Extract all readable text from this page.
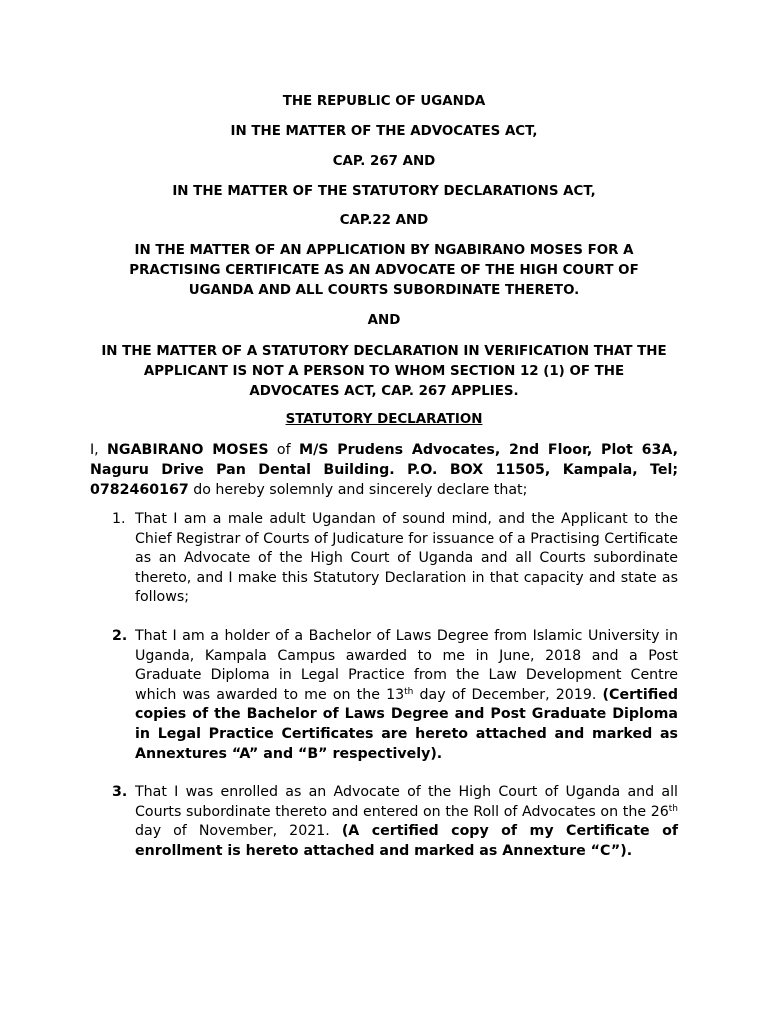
THE REPUBLIC OF UGANDA

IN THE MATTER OF THE ADVOCATES ACT,

CAP. 267 AND

IN THE MATTER OF THE STATUTORY DECLARATIONS ACT,

CAP.22 AND

IN THE MATTER OF AN APPLICATION BY NGABIRANO MOSES FOR A

PRACTISING CERTIFICATE AS AN ADVOCATE OF THE HIGH COURT OF

UGANDA AND ALL COURTS SUBORDINATE THERETO.

AND

IN THE MATTER OF A STATUTORY DECLARATION IN VERIFICATION THAT THE

APPLICANT IS NOT A PERSON TO WHOM SECTION 12 (1) OF THE

ADVOCATES ACT, CAP. 267 APPLIES.

STATUTORY DECLARATION

I, NGABIRANO MOSES of M/S Prudens Advocates, 2nd Floor, Plot 63A, Naguru Drive Pan Dental Building. P.O. BOX 11505, Kampala, Tel; 0782460167 do hereby solemnly and sincerely declare that;

1. That I am a male adult Ugandan of sound mind, and the Applicant to the Chief Registrar of Courts of Judicature for issuance of a Practising Certificate as an Advocate of the High Court of Uganda and all Courts subordinate thereto, and I make this Statutory Declaration in that capacity and state as follows;
2. That I am a holder of a Bachelor of Laws Degree from Islamic University in Uganda, Kampala Campus awarded to me in June, 2018 and a Post Graduate Diploma in Legal Practice from the Law Development Centre which was awarded to me on the 13th day of December, 2019. (Certified copies of the Bachelor of Laws Degree and Post Graduate Diploma in Legal Practice Certificates are hereto attached and marked as Annextures “A” and “B” respectively).
3. That I was enrolled as an Advocate of the High Court of Uganda and all Courts subordinate thereto and entered on the Roll of Advocates on the 26th day of November, 2021. (A certified copy of my Certificate of enrollment is hereto attached and marked as Annexture “C”).
